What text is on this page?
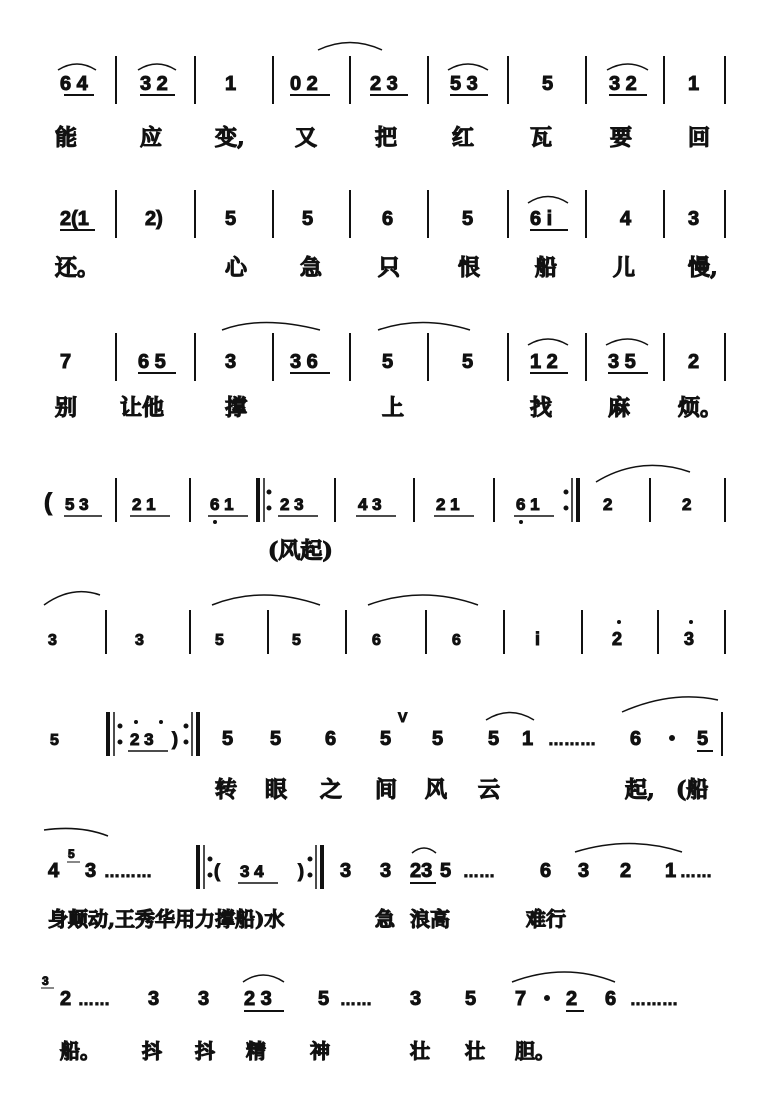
6 4	3 2	1	0 2	2 3	5 3	5	3 2	1
能	应 变, 又	把 红	瓦	要	回
2(1	2)	5	5	6	5	6 i	4	3
还。	心 急	只	恨 船	儿 慢,
7	6 5	3	3 6	5	5	1 2	3 5	2
别 让他	撑	上	找	麻 烦。
( 5 3	2 1	6 1	2 3	4 3	2 1	6 1	2	2
(风起)
3	3	5	5	6	6	i	2	3
5	2 3 ) 5 5 6 5
V
5 5 1 ……… 6	5
转 眼 之 间 风 云	起, (船
4
5
3 ………	( 3 4 ) 3 3 23 5 …… 6 3 2 1 ……
身颠动,王秀华用力撑船)水	急 浪高	难行
3
2 …… 3 3 2 3 5 …… 3 5 7 2 6 ………
船。 抖 抖 精 神	壮 壮 胆。
